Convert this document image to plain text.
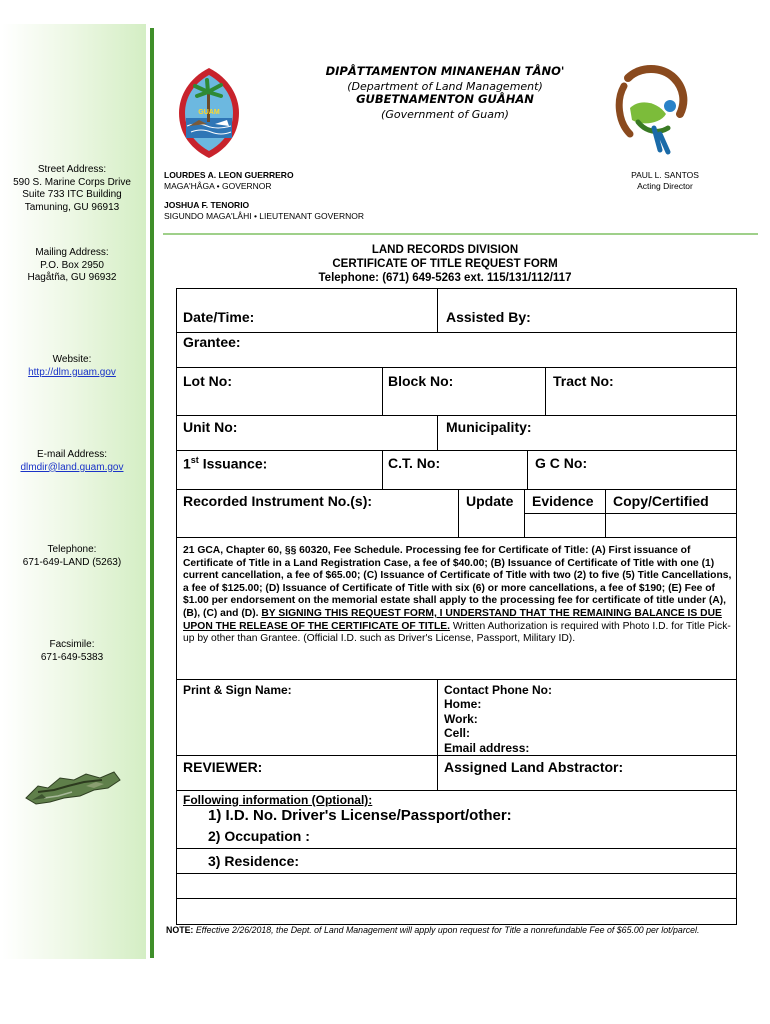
Street Address:
590 S. Marine Corps Drive
Suite 733 ITC Building
Tamuning, GU 96913
Mailing Address:
P.O. Box 2950
Hagåtña, GU 96932
Website:
http://dlm.guam.gov
E-mail Address:
dlmdir@land.guam.gov
Telephone:
671-649-LAND (5263)
Facsimile:
671-649-5383
GUAM
DIPÅTTAMENTON MINANEHAN TÅNO'
(Department of Land Management)
GUBETNAMENTON GUÅHAN
(Government of Guam)
LOURDES A. LEON GUERRERO
MAGA'HÅGA • GOVERNOR
JOSHUA F. TENORIO
SIGUNDO MAGA'LÅHI • LIEUTENANT GOVERNOR
PAUL L. SANTOS
Acting Director
LAND RECORDS DIVISION
CERTIFICATE OF TITLE REQUEST FORM
Telephone: (671) 649-5263 ext. 115/131/112/117
Date/Time:	Assisted By:
Grantee:
Lot No:	Block No:	Tract No:
Unit No:	Municipality:
1st Issuance:	C.T. No:	G C No:
Recorded Instrument No.(s):	Update Evidence Copy/Certified
21 GCA, Chapter 60, §§ 60320, Fee Schedule. Processing fee for Certificate of Title: (A) First issuance of Certificate of Title in a Land Registration Case, a fee of $40.00; (B) Issuance of Certificate of Title with one (1) current cancellation, a fee of $65.00; (C) Issuance of Certificate of Title with two (2) to five (5) Title Cancellations, a fee of $125.00; (D) Issuance of Certificate of Title with six (6) or more cancellations, a fee of $190; (E) Fee of $1.00 per endorsement on the memorial estate shall apply to the processing fee for certificate of title under (A), (B), (C) and (D). BY SIGNING THIS REQUEST FORM, I UNDERSTAND THAT THE REMAINING BALANCE IS DUE UPON THE RELEASE OF THE CERTIFICATE OF TITLE. Written Authorization is required with Photo I.D. for Title Pick-up by other than Grantee. (Official I.D. such as Driver's License, Passport, Military ID).
Print & Sign Name:	Contact Phone No:
Home:
Work:
Cell:
Email address:
REVIEWER:	Assigned Land Abstractor:
Following information (Optional):
1) I.D. No. Driver's License/Passport/other:
2) Occupation :
3) Residence:
NOTE: Effective 2/26/2018, the Dept. of Land Management will apply upon request for Title a nonrefundable Fee of $65.00 per lot/parcel.
